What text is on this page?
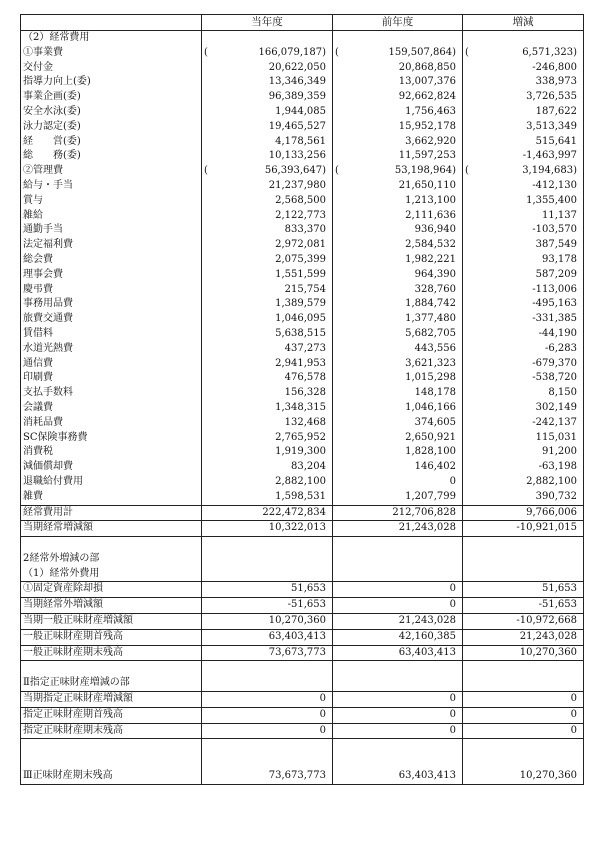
	当年度	前年度	増減
（2）経常費用			
①事業費	( 166,079,187)	( 159,507,864)	( 6,571,323)

交付金	20,622,050	20,868,850	-246,800
指導力向上(委)	13,346,349	13,007,376	338,973
事業企画(委)	96,389,359	92,662,824	3,726,535
安全水泳(委)	1,944,085	1,756,463	187,622
泳力認定(委)	19,465,527	15,952,178	3,513,349
経　　営(委)	4,178,561	3,662,920	515,641
総　　務(委)	10,133,256	11,597,253	-1,463,997
②管理費	( 56,393,647)	( 53,198,964)	( 3,194,683)

給与・手当	21,237,980	21,650,110	-412,130
賞与	2,568,500	1,213,100	1,355,400
雑給	2,122,773	2,111,636	11,137
通勤手当	833,370	936,940	-103,570
法定福利費	2,972,081	2,584,532	387,549
総会費	2,075,399	1,982,221	93,178
理事会費	1,551,599	964,390	587,209
慶弔費	215,754	328,760	-113,006
事務用品費	1,389,579	1,884,742	-495,163
旅費交通費	1,046,095	1,377,480	-331,385
賃借料	5,638,515	5,682,705	-44,190
水道光熱費	437,273	443,556	-6,283
通信費	2,941,953	3,621,323	-679,370
印刷費	476,578	1,015,298	-538,720
支払手数料	156,328	148,178	8,150
会議費	1,348,315	1,046,166	302,149
消耗品費	132,468	374,605	-242,137
SC保険事務費	2,765,952	2,650,921	115,031
消費税	1,919,300	1,828,100	91,200
減価償却費	83,204	146,402	-63,198
退職給付費用	2,882,100	0	2,882,100
雑費	1,598,531	1,207,799	390,732
経常費用計	222,472,834	212,706,828	9,766,006
当期経常増減額	10,322,013	21,243,028	-10,921,015

2経常外増減の部			
（1）経常外費用			
①固定資産除却損	51,653	0	51,653
当期経常外増減額	-51,653	0	-51,653
当期一般正味財産増減額	10,270,360	21,243,028	-10,972,668
一般正味財産期首残高	63,403,413	42,160,385	21,243,028
一般正味財産期末残高	73,673,773	63,403,413	10,270,360

Ⅱ指定正味財産増減の部			
当期指定正味財産増減額	0	0	0
指定正味財産期首残高	0	0	0
指定正味財産期末残高	0	0	0

Ⅲ正味財産期末残高	73,673,773	63,403,413	10,270,360
